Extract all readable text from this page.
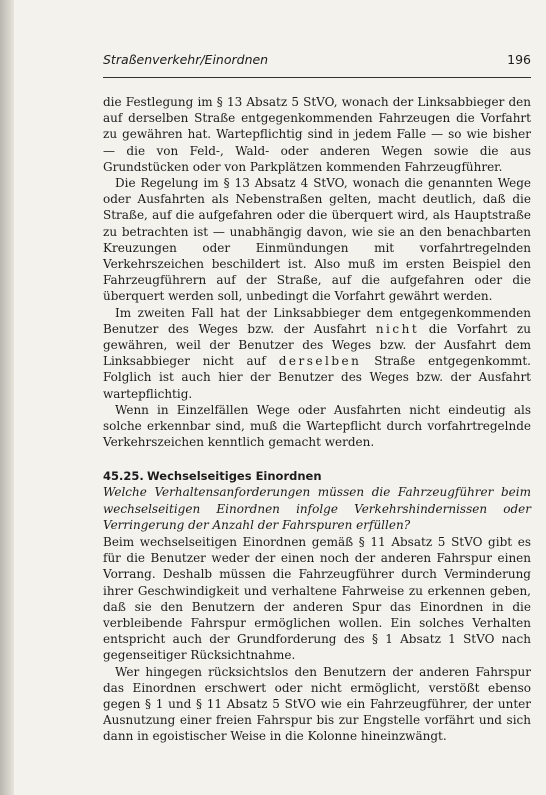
Straßenverkehr/Einordnen	196

die Festlegung im § 13 Absatz 5 StVO, wonach der Linksabbieger den auf derselben Straße entgegenkommenden Fahrzeugen die Vorfahrt zu gewähren hat. Wartepflichtig sind in jedem Falle — so wie bisher — die von Feld-, Wald- oder anderen Wegen sowie die aus Grundstücken oder von Parkplätzen kommenden Fahrzeugführer.

Die Regelung im § 13 Absatz 4 StVO, wonach die genannten Wege oder Ausfahrten als Nebenstraßen gelten, macht deutlich, daß die Straße, auf die aufgefahren oder die überquert wird, als Hauptstraße zu betrachten ist — unabhängig davon, wie sie an den benachbarten Kreuzungen oder Einmündungen mit vorfahrtregelnden Verkehrszeichen beschildert ist. Also muß im ersten Beispiel den Fahrzeugführern auf der Straße, auf die aufgefahren oder die überquert werden soll, unbedingt die Vorfahrt gewährt werden.

Im zweiten Fall hat der Linksabbieger dem entgegenkommenden Benutzer des Weges bzw. der Ausfahrt nicht die Vorfahrt zu gewähren, weil der Benutzer des Weges bzw. der Ausfahrt dem Linksabbieger nicht auf derselben Straße entgegenkommt. Folglich ist auch hier der Benutzer des Weges bzw. der Ausfahrt wartepflichtig.

Wenn in Einzelfällen Wege oder Ausfahrten nicht eindeutig als solche erkennbar sind, muß die Wartepflicht durch vorfahrtregelnde Verkehrszeichen kenntlich gemacht werden.

45.25. Wechselseitiges Einordnen

Welche Verhaltensanforderungen müssen die Fahrzeugführer beim wechselseitigen Einordnen infolge Verkehrshindernissen oder Verringerung der Anzahl der Fahrspuren erfüllen?

Beim wechselseitigen Einordnen gemäß § 11 Absatz 5 StVO gibt es für die Benutzer weder der einen noch der anderen Fahrspur einen Vorrang. Deshalb müssen die Fahrzeugführer durch Verminderung ihrer Geschwindigkeit und verhaltene Fahrweise zu erkennen geben, daß sie den Benutzern der anderen Spur das Einordnen in die verbleibende Fahrspur ermöglichen wollen. Ein solches Verhalten entspricht auch der Grundforderung des § 1 Absatz 1 StVO nach gegenseitiger Rücksichtnahme.

Wer hingegen rücksichtslos den Benutzern der anderen Fahrspur das Einordnen erschwert oder nicht ermöglicht, verstößt ebenso gegen § 1 und § 11 Absatz 5 StVO wie ein Fahrzeugführer, der unter Ausnutzung einer freien Fahrspur bis zur Engstelle vorfährt und sich dann in egoistischer Weise in die Kolonne hineinzwängt.
